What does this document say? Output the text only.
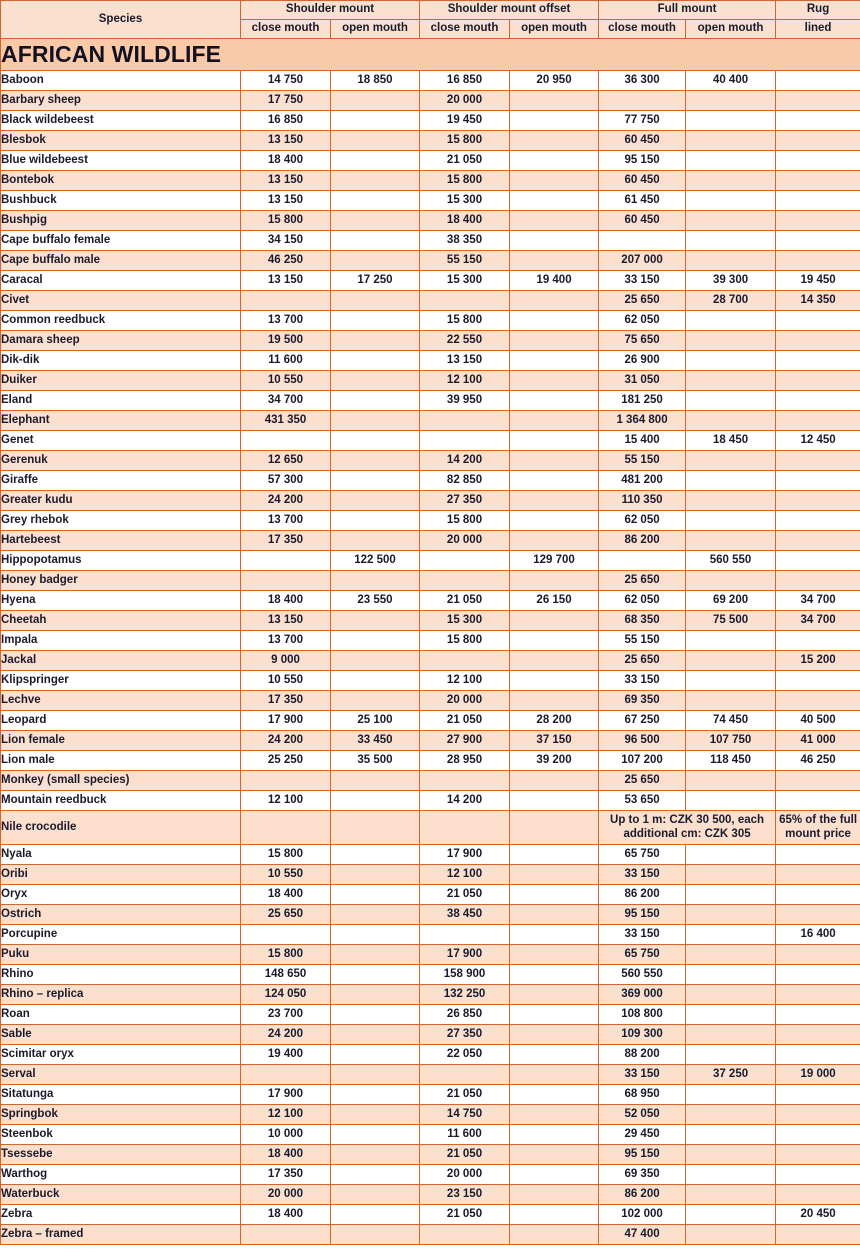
Species	Shoulder mount		Shoulder mount offset		Full mount		Rug
	close mouth	open mouth	close mouth	open mouth	close mouth	open mouth	lined

AFRICAN WILDLIFE							

Baboon	14 750	18 850	16 850	20 950	36 300	40 400	
Barbary sheep	17 750		20 000				
Black wildebeest	16 850		19 450		77 750		
Blesbok	13 150		15 800		60 450		
Blue wildebeest	18 400		21 050		95 150		
Bontebok	13 150		15 800		60 450		
Bushbuck	13 150		15 300		61 450		
Bushpig	15 800		18 400		60 450		
Cape buffalo female	34 150		38 350				
Cape buffalo male	46 250		55 150		207 000		
Caracal	13 150	17 250	15 300	19 400	33 150	39 300	19 450
Civet					25 650	28 700	14 350
Common reedbuck	13 700		15 800		62 050		
Damara sheep	19 500		22 550		75 650		
Dik-dik	11 600		13 150		26 900		
Duiker	10 550		12 100		31 050		
Eland	34 700		39 950		181 250		
Elephant	431 350				1 364 800		
Genet					15 400	18 450	12 450
Gerenuk	12 650		14 200		55 150		
Giraffe	57 300		82 850		481 200		
Greater kudu	24 200		27 350		110 350		
Grey rhebok	13 700		15 800		62 050		
Hartebeest	17 350		20 000		86 200		
Hippopotamus		122 500		129 700		560 550	
Honey badger					25 650		
Hyena	18 400	23 550	21 050	26 150	62 050	69 200	34 700
Cheetah	13 150		15 300		68 350	75 500	34 700
Impala	13 700		15 800		55 150		
Jackal	9 000				25 650		15 200
Klipspringer	10 550		12 100		33 150		
Lechve	17 350		20 000		69 350		
Leopard	17 900	25 100	21 050	28 200	67 250	74 450	40 500
Lion female	24 200	33 450	27 900	37 150	96 500	107 750	41 000
Lion male	25 250	35 500	28 950	39 200	107 200	118 450	46 250
Monkey (small species)					25 650		
Mountain reedbuck	12 100		14 200		53 650		
Nile crocodile					Up to 1 m: CZK 30 500, each additional cm: CZK 305		65% of the full mount price
Nyala	15 800		17 900		65 750		
Oribi	10 550		12 100		33 150		
Oryx	18 400		21 050		86 200		
Ostrich	25 650		38 450		95 150		
Porcupine					33 150		16 400
Puku	15 800		17 900		65 750		
Rhino	148 650		158 900		560 550		
Rhino – replica	124 050		132 250		369 000		
Roan	23 700		26 850		108 800		
Sable	24 200		27 350		109 300		
Scimitar oryx	19 400		22 050		88 200		
Serval					33 150	37 250	19 000
Sitatunga	17 900		21 050		68 950		
Springbok	12 100		14 750		52 050		
Steenbok	10 000		11 600		29 450		
Tsessebe	18 400		21 050		95 150		
Warthog	17 350		20 000		69 350		
Waterbuck	20 000		23 150		86 200		
Zebra	18 400		21 050		102 000		20 450
Zebra – framed					47 400		
